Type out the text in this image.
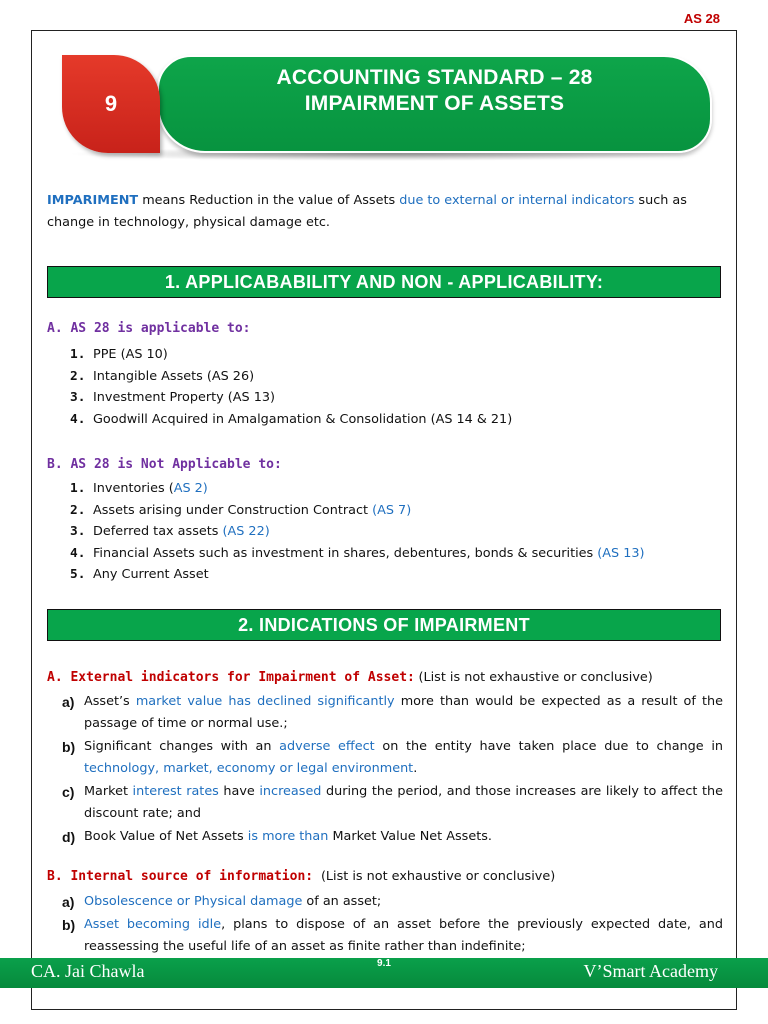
AS 28
9
ACCOUNTING STANDARD – 28
IMPAIRMENT OF ASSETS

IMPARIMENT means Reduction in the value of Assets due to external or internal indicators such as change in technology, physical damage etc.

1. APPLICABABILITY AND NON - APPLICABILITY:
A. AS 28 is applicable to:
1. PPE (AS 10)
2. Intangible Assets (AS 26)
3. Investment Property (AS 13)
4. Goodwill Acquired in Amalgamation & Consolidation (AS 14 & 21)
B. AS 28 is Not Applicable to:
1. Inventories (AS 2)
2. Assets arising under Construction Contract (AS 7)
3. Deferred tax assets (AS 22)
4. Financial Assets such as investment in shares, debentures, bonds & securities (AS 13)
5. Any Current Asset
2. INDICATIONS OF IMPAIRMENT
A. External indicators for Impairment of Asset: (List is not exhaustive or conclusive)
a) Asset’s market value has declined significantly more than would be expected as a result of the passage of time or normal use.;
b) Significant changes with an adverse effect on the entity have taken place due to change in technology, market, economy or legal environment.
c) Market interest rates have increased during the period, and those increases are likely to affect the discount rate; and
d) Book Value of Net Assets is more than Market Value Net Assets.
B. Internal source of information: (List is not exhaustive or conclusive)
a) Obsolescence or Physical damage of an asset;
b) Asset becoming idle, plans to dispose of an asset before the previously expected date, and reassessing the useful life of an asset as finite rather than indefinite;
CA. Jai Chawla	V’Smart Academy
9.1
